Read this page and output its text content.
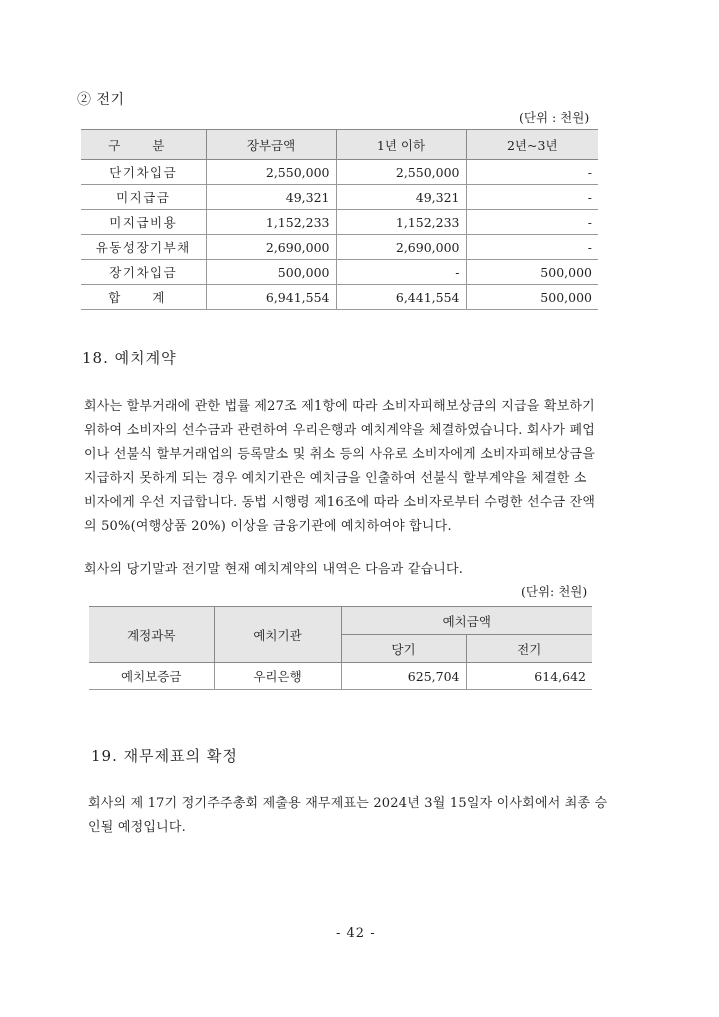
② 전기
(단위 : 천원)
구 분	장부금액	1년 이하	2년~3년
단기차입금	2,550,000	2,550,000	-
미지급금	49,321	49,321	-
미지급비용	1,152,233	1,152,233	-
유동성장기부채	2,690,000	2,690,000	-
장기차입금	500,000	-	500,000
합 계	6,941,554	6,441,554	500,000
18. 예치계약

회사는 할부거래에 관한 법률 제27조 제1항에 따라 소비자피해보상금의 지급을 확보하기

위하여 소비자의 선수금과 관련하여 우리은행과 예치계약을 체결하였습니다. 회사가 폐업

이나 선불식 할부거래업의 등록말소 및 취소 등의 사유로 소비자에게 소비자피해보상금을

지급하지 못하게 되는 경우 예치기관은 예치금을 인출하여 선불식 할부계약을 체결한 소

비자에게 우선 지급합니다. 동법 시행령 제16조에 따라 소비자로부터 수령한 선수금 잔액

의 50%(여행상품 20%) 이상을 금융기관에 예치하여야 합니다.

회사의 당기말과 전기말 현재 예치계약의 내역은 다음과 같습니다.
(단위: 천원)
계정과목	예치기관	예치금액	
		당기	전기
예치보증금	우리은행	625,704	614,642
19. 재무제표의 확정

회사의 제 17기 정기주주총회 제출용 재무제표는 2024년 3월 15일자 이사회에서 최종 승

인될 예정입니다.

- 42 -
